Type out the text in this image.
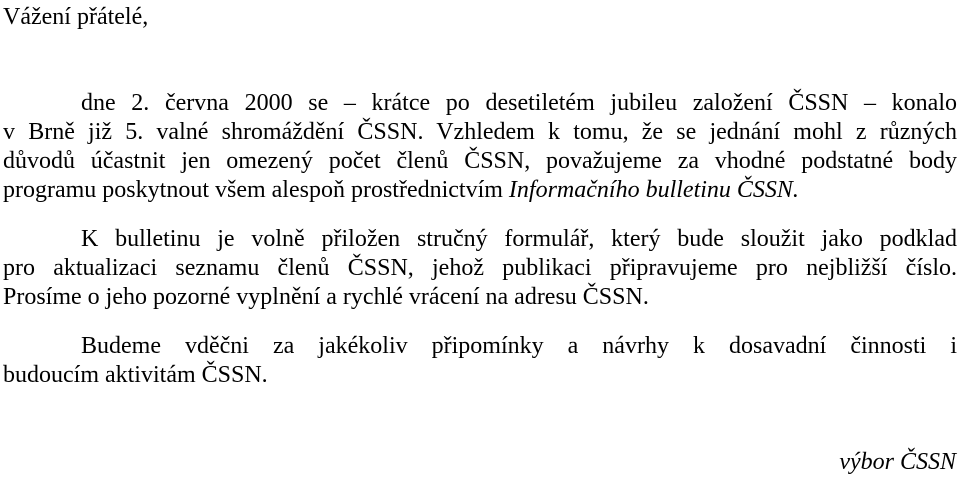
Vážení přátelé,
dne 2. června 2000 se – krátce po desetiletém jubileu založení ČSSN – konalo
v Brně již 5. valné shromáždění ČSSN. Vzhledem k tomu, že se jednání mohl z různých
důvodů účastnit jen omezený počet členů ČSSN, považujeme za vhodné podstatné body
programu poskytnout všem alespoň prostřednictvím Informačního bulletinu ČSSN.
K bulletinu je volně přiložen stručný formulář, který bude sloužit jako podklad
pro aktualizaci seznamu členů ČSSN, jehož publikaci připravujeme pro nejbližší číslo.
Prosíme o jeho pozorné vyplnění a rychlé vrácení na adresu ČSSN.
Budeme vděčni za jakékoliv připomínky a návrhy k dosavadní činnosti i
budoucím aktivitám ČSSN.
výbor ČSSN
